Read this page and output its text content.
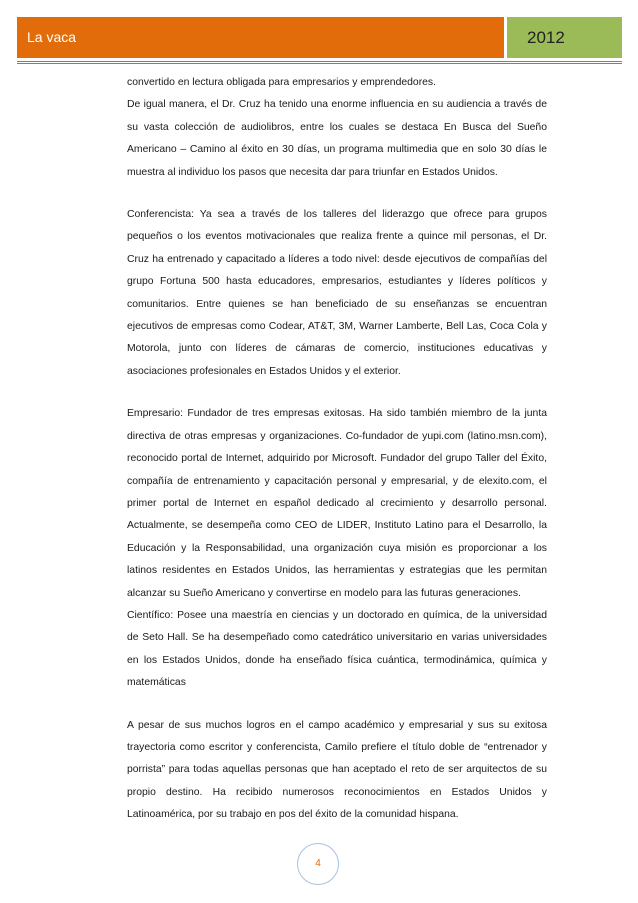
La vaca	2012

convertido en lectura obligada para empresarios y emprendedores.

De igual manera, el Dr. Cruz ha tenido una enorme influencia en su audiencia a través de su vasta colección de audiolibros, entre los cuales se destaca En Busca del Sueño Americano – Camino al éxito en 30 días, un programa multimedia que en solo 30 días le muestra al individuo los pasos que necesita dar para triunfar en Estados Unidos.

Conferencista: Ya sea a través de los talleres del liderazgo que ofrece para grupos pequeños o los eventos motivacionales que realiza frente a quince mil personas, el Dr. Cruz ha entrenado y capacitado a líderes a todo nivel: desde ejecutivos de compañías del grupo Fortuna 500 hasta educadores, empresarios, estudiantes y líderes políticos y comunitarios. Entre quienes se han beneficiado de su enseñanzas se encuentran ejecutivos de empresas como Codear, AT&T, 3M, Warner Lamberte, Bell Las, Coca Cola y Motorola, junto con líderes de cámaras de comercio, instituciones educativas y asociaciones profesionales en Estados Unidos y el exterior.

Empresario: Fundador de tres empresas exitosas. Ha sido también miembro de la junta directiva de otras empresas y organizaciones. Co-fundador de yupi.com (latino.msn.com), reconocido portal de Internet, adquirido por Microsoft. Fundador del grupo Taller del Éxito, compañía de entrenamiento y capacitación personal y empresarial, y de elexito.com, el primer portal de Internet en español dedicado al crecimiento y desarrollo personal. Actualmente, se desempeña como CEO de LIDER, Instituto Latino para el Desarrollo, la Educación y la Responsabilidad, una organización cuya misión es proporcionar a los latinos residentes en Estados Unidos, las herramientas y estrategias que les permitan alcanzar su Sueño Americano y convertirse en modelo para las futuras generaciones.

Científico: Posee una maestría en ciencias y un doctorado en química, de la universidad de Seto Hall. Se ha desempeñado como catedrático universitario en varias universidades en los Estados Unidos, donde ha enseñado física cuántica, termodinámica, química y matemáticas

A pesar de sus muchos logros en el campo académico y empresarial y sus su exitosa trayectoria como escritor y conferencista, Camilo prefiere el título doble de “entrenador y porrista” para todas aquellas personas que han aceptado el reto de ser arquitectos de su propio destino. Ha recibido numerosos reconocimientos en Estados Unidos y Latinoamérica, por su trabajo en pos del éxito de la comunidad hispana.

4
